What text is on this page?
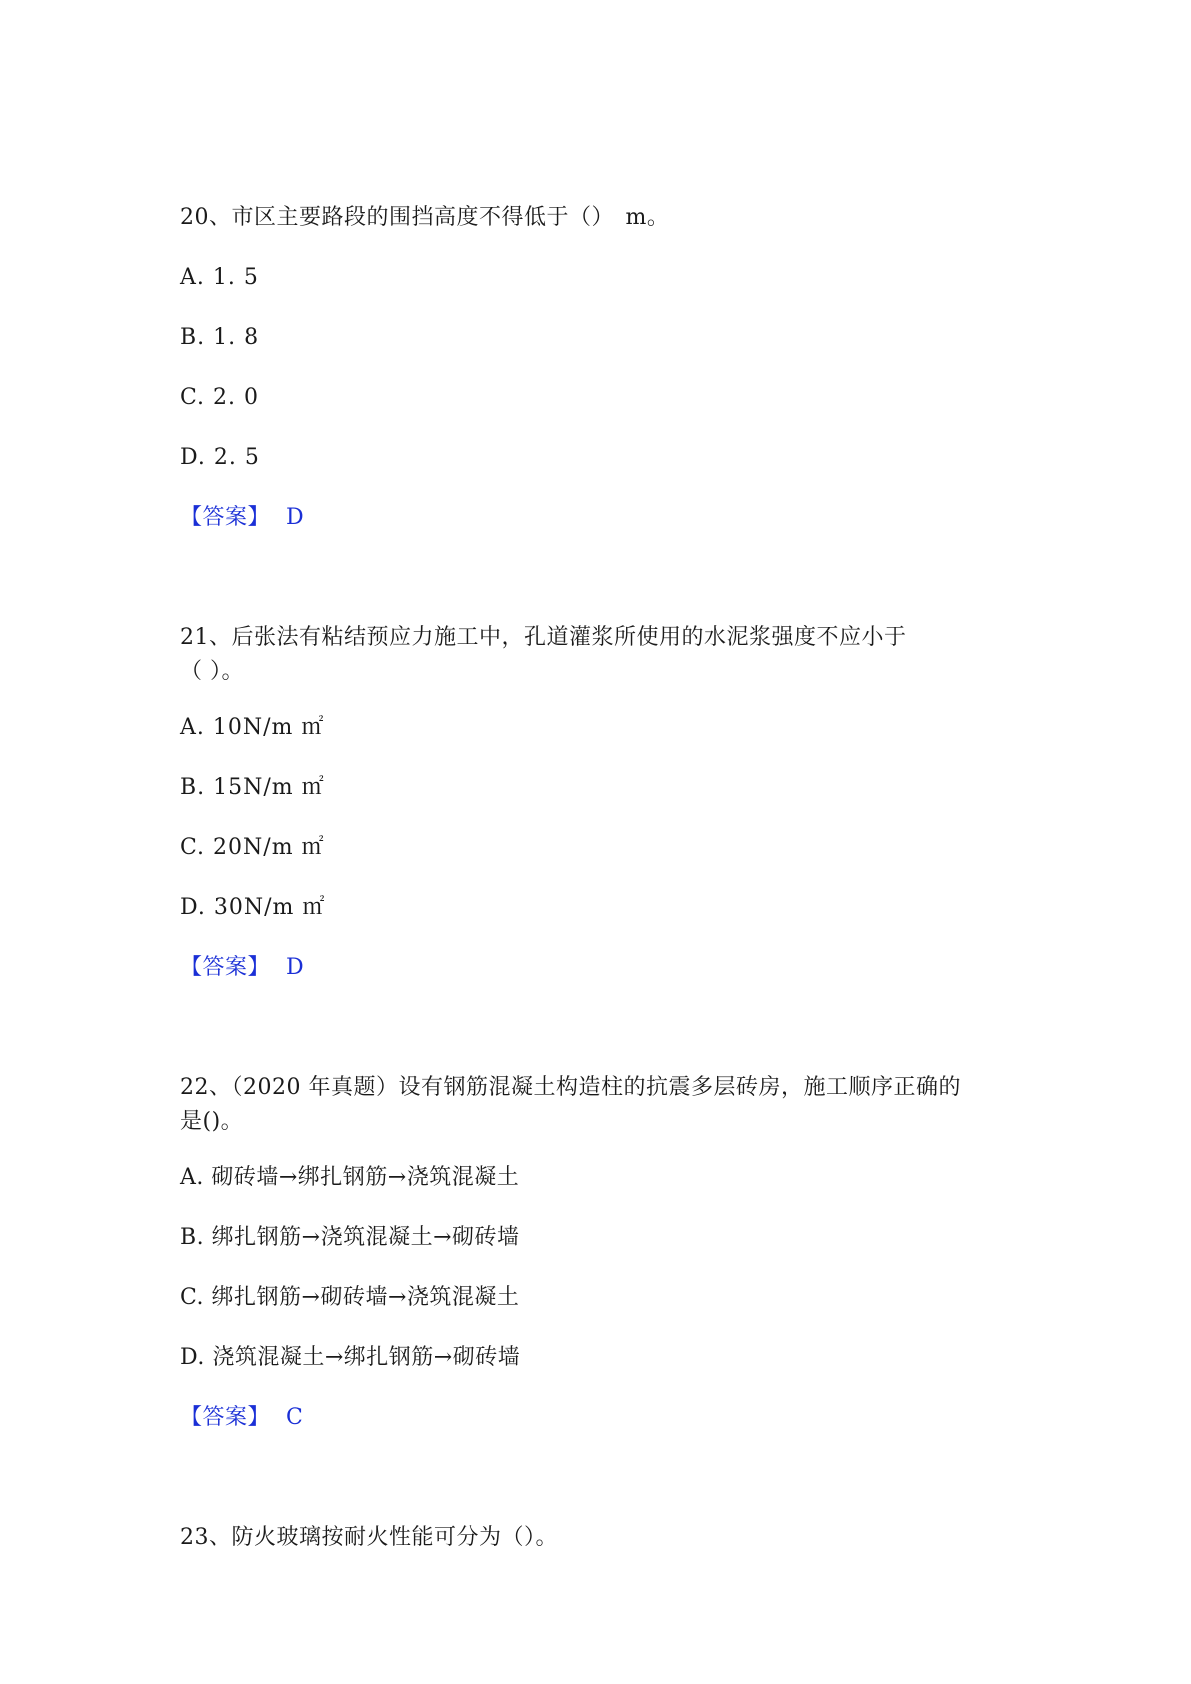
20、市区主要路段的围挡高度不得低于（）　m。
A. 1. 5
B. 1. 8
C. 2. 0
D. 2. 5
【答案】 D
21、后张法有粘结预应力施工中，孔道灌浆所使用的水泥浆强度不应小于
（ ）。
A. 10N/m ㎡
B. 15N/m ㎡
C. 20N/m ㎡
D. 30N/m ㎡
【答案】 D
22、（2020 年真题）设有钢筋混凝土构造柱的抗震多层砖房，施工顺序正确的
是()。
A. 砌砖墙→绑扎钢筋→浇筑混凝土
B. 绑扎钢筋→浇筑混凝土→砌砖墙
C. 绑扎钢筋→砌砖墙→浇筑混凝土
D. 浇筑混凝土→绑扎钢筋→砌砖墙
【答案】 C
23、防火玻璃按耐火性能可分为（）。
